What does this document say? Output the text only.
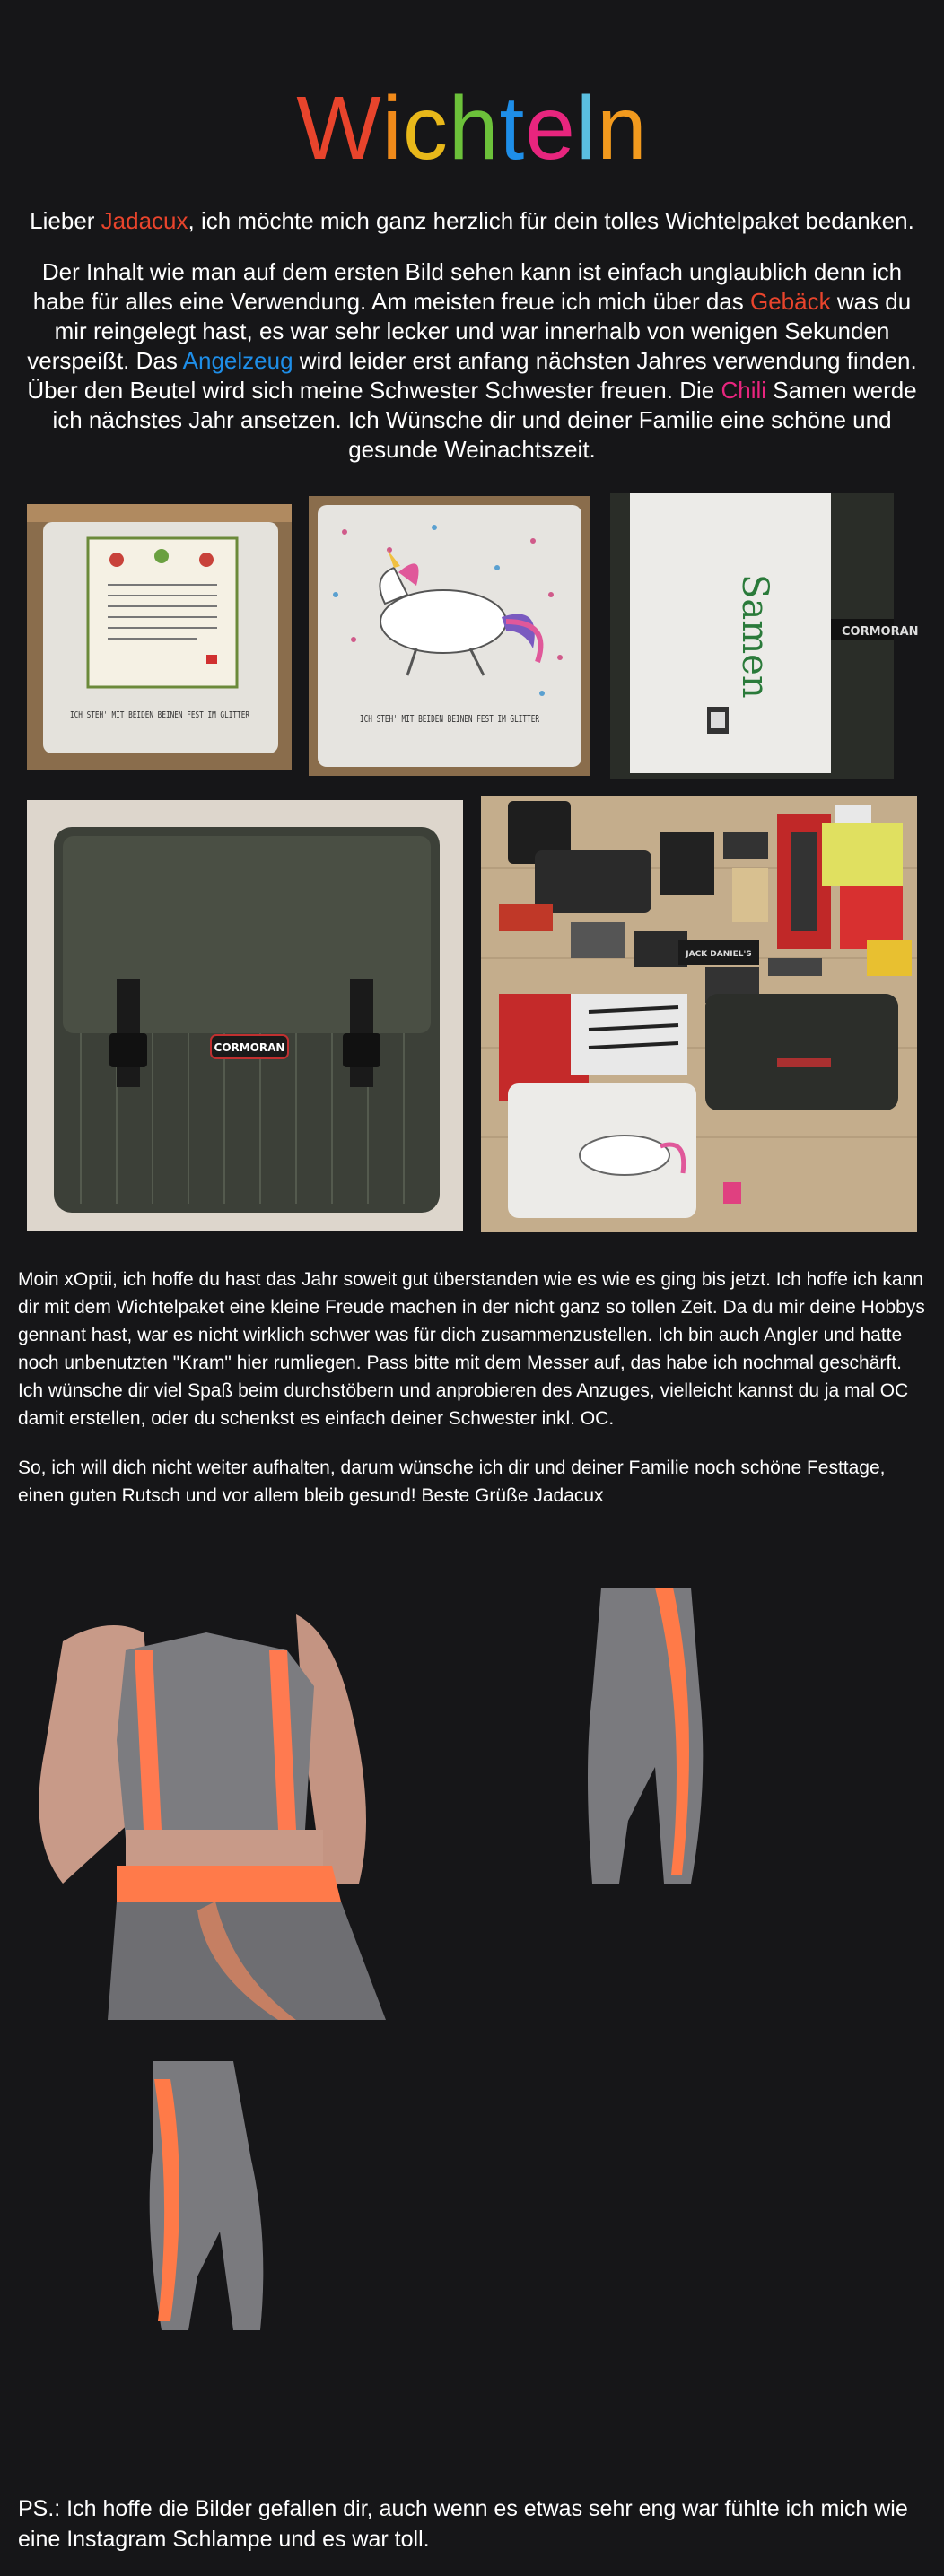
Wichteln

Lieber Jadacux, ich möchte mich ganz herzlich für dein tolles Wichtelpaket bedanken.

Der Inhalt wie man auf dem ersten Bild sehen kann ist einfach unglaublich denn ich habe für alles eine Verwendung. Am meisten freue ich mich über das Gebäck was du mir reingelegt hast, es war sehr lecker und war innerhalb von wenigen Sekunden verspeißt. Das Angelzeug wird leider erst anfang nächsten Jahres verwendung finden. Über den Beutel wird sich meine Schwester Schwester freuen. Die Chili Samen werde ich nächstes Jahr ansetzen. Ich Wünsche dir und deiner Familie eine schöne und gesunde Weinachtszeit.

ICH STEH' MIT BEIDEN BEINEN FEST IM GLITTER	ICH STEH' MIT BEIDEN BEINEN FEST IM GLITTER
CORMORAN
Samen
CORMORAN
JACK DANIEL'S

Moin xOptii, ich hoffe du hast das Jahr soweit gut überstanden wie es wie es ging bis jetzt. Ich hoffe ich kann dir mit dem Wichtelpaket eine kleine Freude machen in der nicht ganz so tollen Zeit. Da du mir deine Hobbys gennant hast, war es nicht wirklich schwer was für dich zusammenzustellen. Ich bin auch Angler und hatte noch unbenutzten "Kram" hier rumliegen. Pass bitte mit dem Messer auf, das habe ich nochmal geschärft. Ich wünsche dir viel Spaß beim durchstöbern und anprobieren des Anzuges, vielleicht kannst du ja mal OC damit erstellen, oder du schenkst es einfach deiner Schwester inkl. OC.

So, ich will dich nicht weiter aufhalten, darum wünsche ich dir und deiner Familie noch schöne Festtage, einen guten Rutsch und vor allem bleib gesund! Beste Grüße Jadacux

PS.: Ich hoffe die Bilder gefallen dir, auch wenn es etwas sehr eng war fühlte ich mich wie eine Instagram Schlampe und es war toll.
